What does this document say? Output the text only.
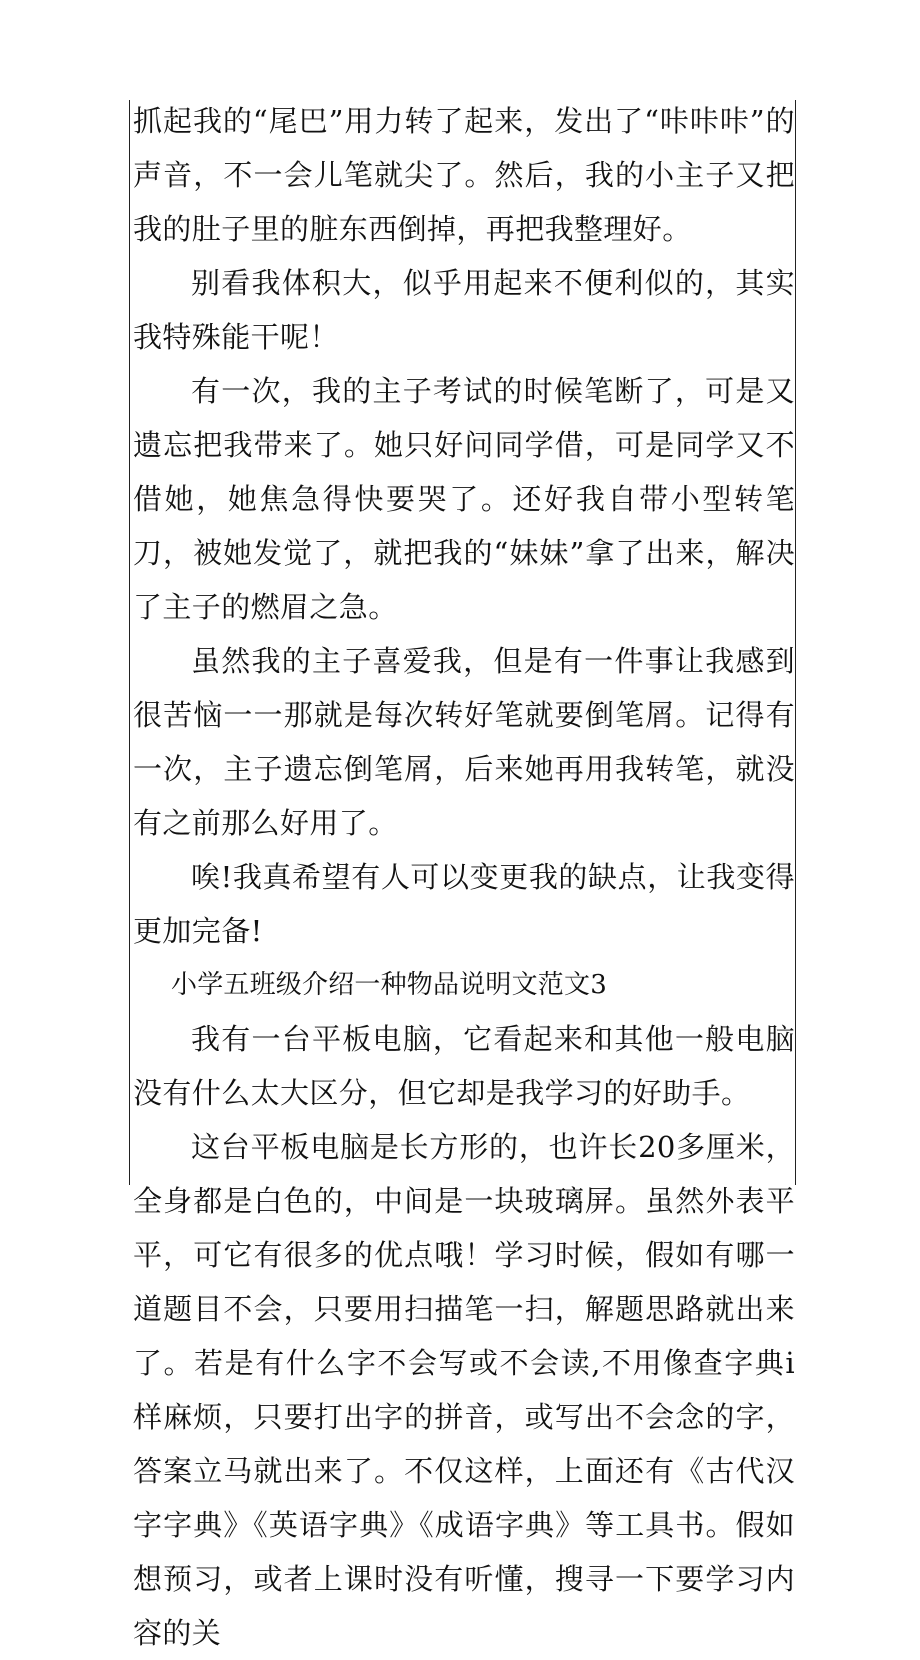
抓起我的“尾巴”用力转了起来，发出了“咔咔咔”的声音，不一会儿笔就尖了。然后，我的小主子又把我的肚子里的脏东西倒掉，再把我整理好。

别看我体积大，似乎用起来不便利似的，其实我特殊能干呢！

有一次，我的主子考试的时候笔断了，可是又遗忘把我带来了。她只好问同学借，可是同学又不借她，她焦急得快要哭了。还好我自带小型转笔刀，被她发觉了，就把我的“妹妹”拿了出来，解决了主子的燃眉之急。

虽然我的主子喜爱我，但是有一件事让我感到很苦恼一一那就是每次转好笔就要倒笔屑。记得有一次，主子遗忘倒笔屑，后来她再用我转笔，就没有之前那么好用了。

唉!我真希望有人可以变更我的缺点，让我变得更加完备!

小学五班级介绍一种物品说明文范文3

我有一台平板电脑，它看起来和其他一般电脑没有什么太大区分，但它却是我学习的好助手。

这台平板电脑是长方形的，也许长20多厘米，全身都是白色的，中间是一块玻璃屏。虽然外表平平，可它有很多的优点哦！学习时候，假如有哪一道题目不会，只要用扫描笔一扫，解题思路就出来了。若是有什么字不会写或不会读,不用像查字典i样麻烦，只要打出字的拼音，或写出不会念的字，答案立马就出来了。不仅这样，上面还有《古代汉字字典》《英语字典》《成语字典》等工具书。假如想预习，或者上课时没有听懂，搜寻一下要学习内容的关
